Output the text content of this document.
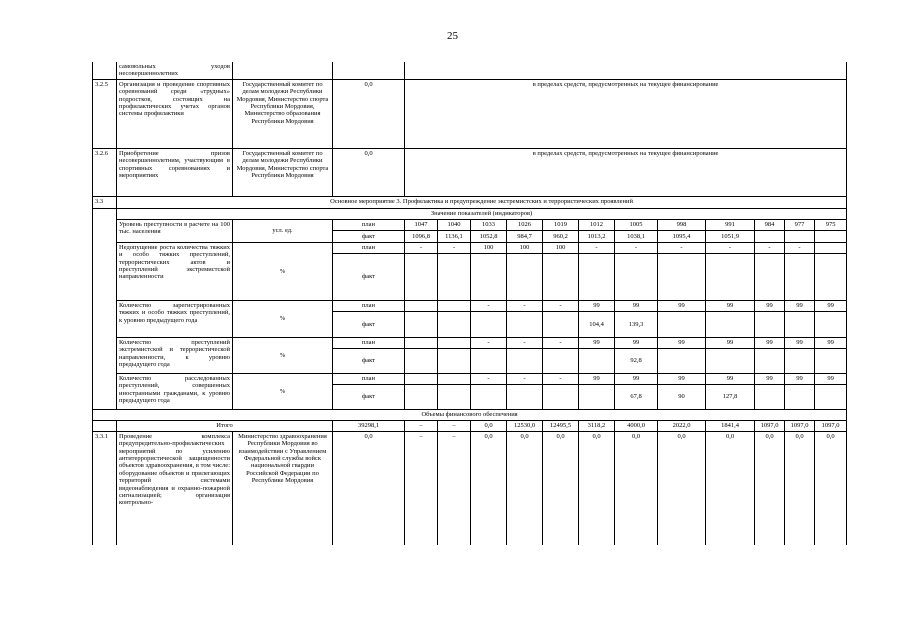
25
	самовольных уходов несовершеннолетних														
3.2.5	Организация и проведение спортивных соревнований среди «трудных» подростков, состоящих на профилактических учетах органов системы профилактики	Государственный комитет по делам молодежи Республики Мордовия, Министерство спорта Республики Мордовия, Министерство образования Республики Мордовия	0,0	в пределах средств, предусмотренных на текущее финансирование											
3.2.6	Приобретение призов несовершеннолетним, участвующим в спортивных соревнованиях и мероприятиях	Государственный комитет по делам молодежи Республики Мордовия, Министерство спорта Республики Мордовия	0,0	в пределах средств, предусмотренных на текущее финансирование											
3.3	Основное мероприятие 3. Профилактика и предупреждение экстремистских и террористических проявлений														
	Значение показателей (индикаторов)														
	Уровень преступности в расчете на 100 тыс. населения	усл. ед.	план	1047	1040	1033	1026	1019	1012	1005	998	991	984	977	975
			факт	1096,8	1136,1	1052,8	984,7	960,2	1013,2	1038,1	1095,4	1051,9			
	Недопущение роста количества тяжких и особо тяжких преступлений, террористических актов и преступлений экстремистской направленности	%	план	-	-	100	100	100	-	-	-	-	-	-	
			факт												
	Количество зарегистрированных тяжких и особо тяжких преступлений, к уровню предыдущего года	%	план			-	-	-	99	99	99	99	99	99	99
			факт						104,4	139,3					
	Количество преступлений экстремистской и террористической направленности, к уровню предыдущего года	%	план			-	-	-	99	99	99	99	99	99	99
			факт							92,8					
	Количество расследованных преступлений, совершенных иностранными гражданами, к уровню предыдущего года	%	план			-	-	-	99	99	99	99	99	99	99
			факт							67,8	90	127,8			
Объемы финансового обеспечения															
	Итого		39298,1	–	–	0,0	12530,0	12495,5	3118,2	4000,0	2022,0	1841,4	1097,0	1097,0	1097,0
3.3.1	Проведение комплекса предупредительно-профилактических мероприятий по усилению антитеррористической защищенности объектов здравоохранения, в том числе: оборудование объектов и прилегающих территорий системами видеонаблюдения и охранно-пожарной сигнализацией; организация контрольно-	Министерство здравоохранения Республики Мордовия во взаимодействии с Управлением Федеральной службы войск национальной гвардии Российской Федерации по Республике Мордовия	0,0	–	–	0,0	0,0	0,0	0,0	0,0	0,0	0,0	0,0	0,0	0,0
